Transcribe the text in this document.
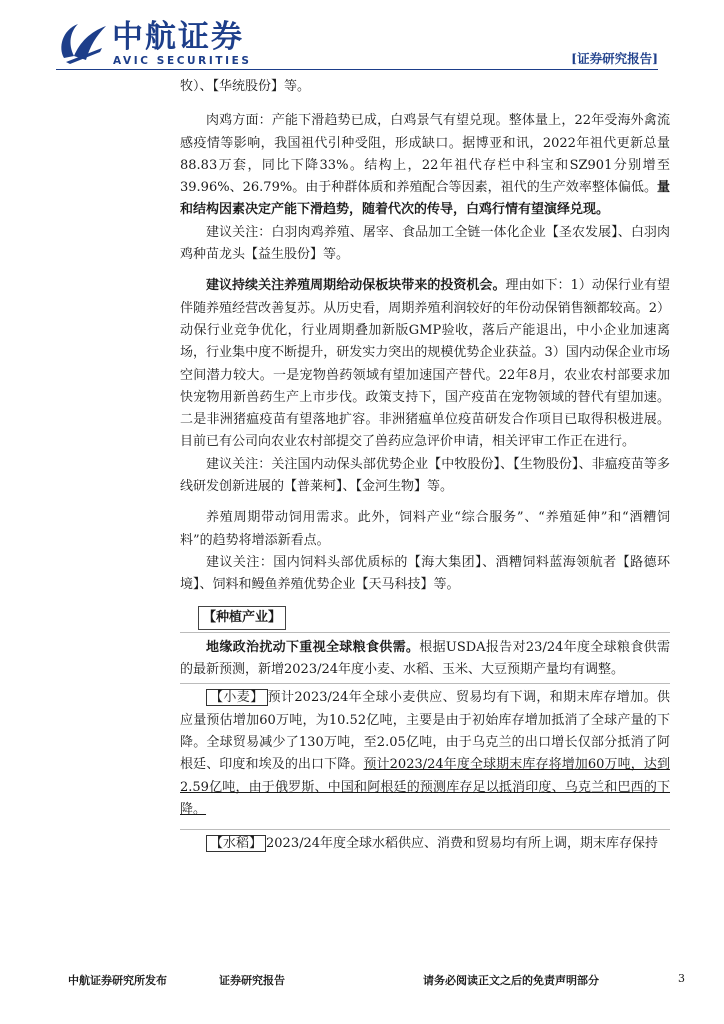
中航证券
AVIC SECURITIES	[证券研究报告]

牧）、【华统股份】等。

肉鸡方面：产能下滑趋势已成，白鸡景气有望兑现。整体量上，22年受海外禽流感疫情等影响，我国祖代引种受阻，形成缺口。据博亚和讯，2022年祖代更新总量88.83万套，同比下降33%。结构上，22年祖代存栏中科宝和SZ901分别增至39.96%、26.79%。由于种群体质和养殖配合等因素，祖代的生产效率整体偏低。量和结构因素决定产能下滑趋势，随着代次的传导，白鸡行情有望演绎兑现。

建议关注：白羽肉鸡养殖、屠宰、食品加工全链一体化企业【圣农发展】、白羽肉鸡种苗龙头【益生股份】等。

建议持续关注养殖周期给动保板块带来的投资机会。理由如下：1）动保行业有望伴随养殖经营改善复苏。从历史看，周期养殖利润较好的年份动保销售额都较高。2）动保行业竞争优化，行业周期叠加新版GMP验收，落后产能退出，中小企业加速离场，行业集中度不断提升，研发实力突出的规模优势企业获益。3）国内动保企业市场空间潜力较大。一是宠物兽药领域有望加速国产替代。22年8月，农业农村部要求加快宠物用新兽药生产上市步伐。政策支持下，国产疫苗在宠物领域的替代有望加速。二是非洲猪瘟疫苗有望落地扩容。非洲猪瘟单位疫苗研发合作项目已取得积极进展。目前已有公司向农业农村部提交了兽药应急评价申请，相关评审工作正在进行。

建议关注：关注国内动保头部优势企业【中牧股份】、【生物股份】、非瘟疫苗等多线研发创新进展的【普莱柯】、【金河生物】等。

养殖周期带动饲用需求。此外，饲料产业“综合服务”、“养殖延伸”和“酒糟饲料”的趋势将增添新看点。

建议关注：国内饲料头部优质标的【海大集团】、酒糟饲料蓝海领航者【路德环境】、饲料和鳗鱼养殖优势企业【天马科技】等。

【种植产业】

地缘政治扰动下重视全球粮食供需。根据USDA报告对23/24年度全球粮食供需的最新预测，新增2023/24年度小麦、水稻、玉米、大豆预期产量均有调整。

【小麦】 预计2023/24年全球小麦供应、贸易均有下调，和期末库存增加。供应量预估增加60万吨，为10.52亿吨，主要是由于初始库存增加抵消了全球产量的下降。全球贸易减少了130万吨，至2.05亿吨，由于乌克兰的出口增长仅部分抵消了阿根廷、印度和埃及的出口下降。预计2023/24年度全球期末库存将增加60万吨，达到2.59亿吨，由于俄罗斯、中国和阿根廷的预测库存足以抵消印度、乌克兰和巴西的下降。

【水稻】 2023/24年度全球水稻供应、消费和贸易均有所上调，期末库存保持

中航证券研究所发布	证券研究报告	请务必阅读正文之后的免责声明部分	3
